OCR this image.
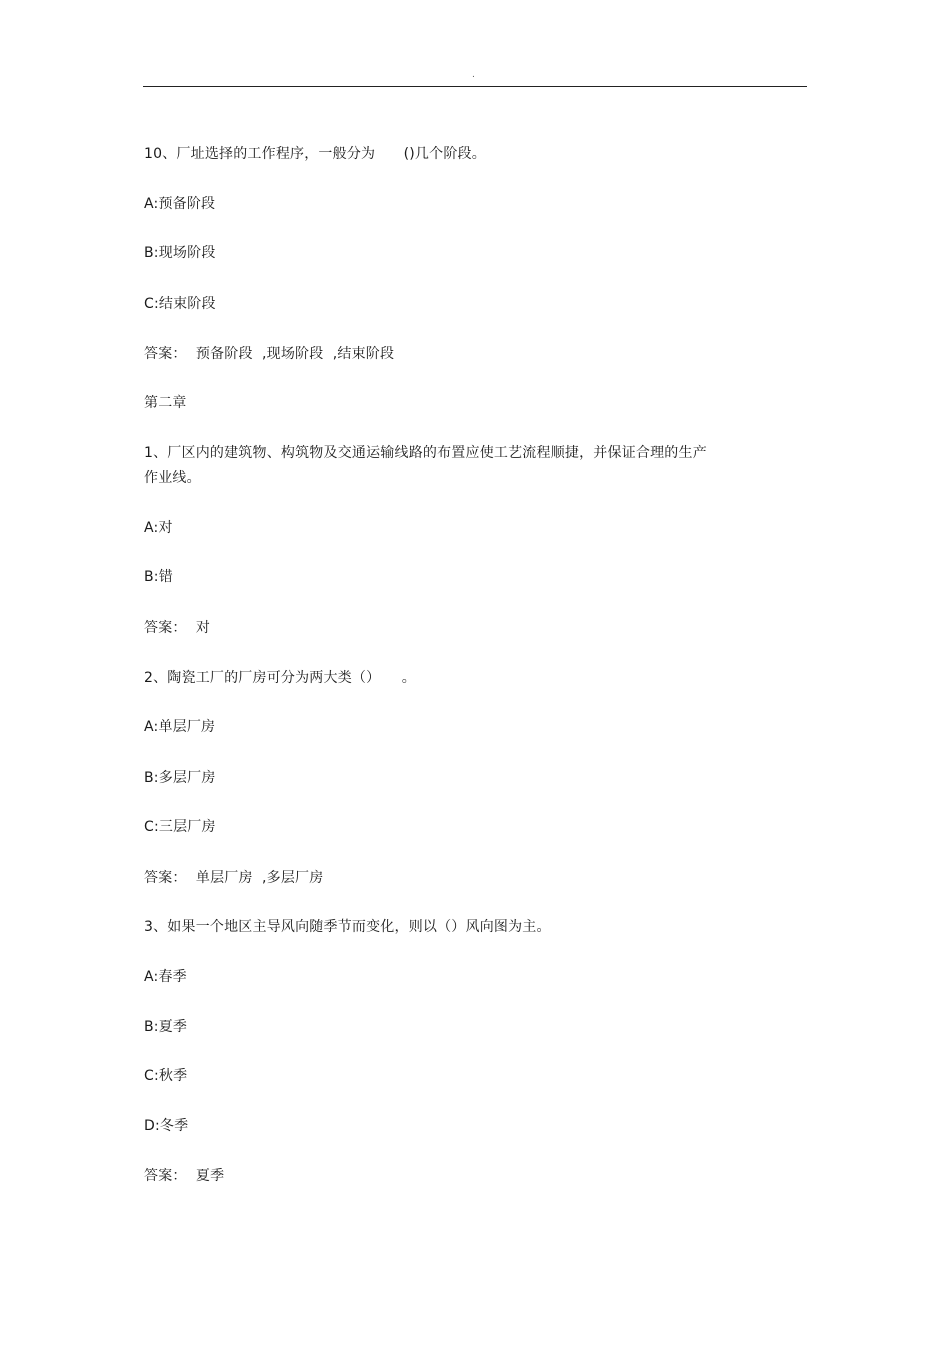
.
10、厂址选择的工作程序，一般分为　　()几个阶段。
A:预备阶段
B:现场阶段
C:结束阶段
答案：  预备阶段  ,现场阶段  ,结束阶段
第二章
1、厂区内的建筑物、构筑物及交通运输线路的布置应使工艺流程顺捷，并保证合理的生产
作业线。
A:对
B:错
答案：  对
2、陶瓷工厂的厂房可分为两大类（）　　。
A:单层厂房
B:多层厂房
C:三层厂房
答案：  单层厂房  ,多层厂房
3、如果一个地区主导风向随季节而变化，则以（）风向图为主。
A:春季
B:夏季
C:秋季
D:冬季
答案：  夏季
